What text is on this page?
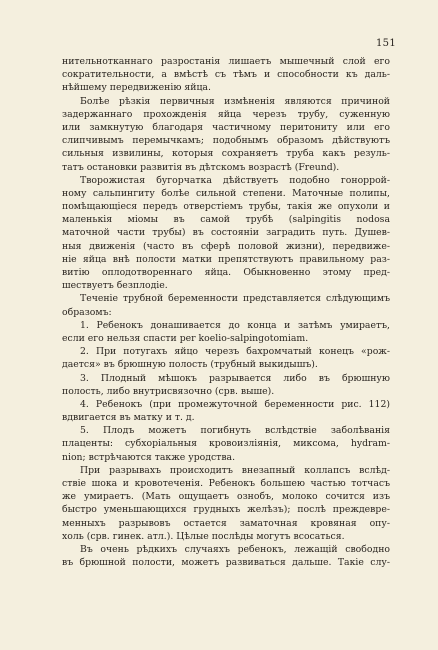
151
нительнотканнаго разростанія лишаетъ мышечный слой его
сократительности, а вмѣстѣ съ тѣмъ и способности къ даль-
нѣйшему передвиженію яйца.
Болѣе рѣзкія первичныя измѣненія являются причиной
задержаннаго прохожденія яйца черезъ трубу, суженную
или замкнутую благодаря частичному перитониту или его
слипчивымъ перемычкамъ; подобнымъ образомъ дѣйствуютъ
сильныя извилины, которыя сохраняетъ труба какъ резуль-
татъ остановки развитія въ дѣтскомъ возрастѣ (Freund).
Творожистая бугорчатка дѣйствуетъ подобно гоноррой-
ному сальпингиту болѣе сильной степени. Маточные полипы,
помѣщающіеся передъ отверстіемъ трубы, такія же опухоли и
маленькія міомы въ самой трубѣ (salpingitis nodosa
маточной части трубы) въ состояніи заградить путь. Душев-
ныя движенія (часто въ сферѣ половой жизни), передвиже-
ніе яйца внѣ полости матки препятствуютъ правильному раз-
витію оплодотвореннаго яйца. Обыкновенно этому пред-
шествуетъ безплодіе.
Теченіе трубной беременности представляется слѣдующимъ
образомъ:
1. Ребенокъ донашивается до конца и затѣмъ умираетъ,
если его нельзя спасти per koelio-salpingotomiam.
2. При потугахъ яйцо черезъ бахромчатый конецъ «рож-
дается» въ брюшную полость (трубный выкидышъ).
3. Плодный мѣшокъ разрывается либо въ брюшную
полость, либо внутрисвязочно (срв. выше).
4. Ребенокъ (при промежуточной беременности рис. 112)
вдвигается въ матку и т. д.
5. Плодъ можетъ погибнуть вслѣдствіе заболѣванія
плаценты: субхоріальныя кровоизліянія, миксома, hydram-
nion; встрѣчаются также уродства.
При разрывахъ происходитъ внезапный коллапсъ вслѣд-
ствіе шока и кровотеченія. Ребенокъ большею частью тотчасъ
же умираетъ. (Мать ощущаетъ ознобъ, молоко сочится изъ
быстро уменьшающихся грудныхъ желѣзъ); послѣ преждевре-
менныхъ разрывовъ остается заматочная кровяная опу-
холь (срв. гинек. атл.). Цѣлые послѣды могутъ всосаться.
Въ очень рѣдкихъ случаяхъ ребенокъ, лежащій свободно
въ брюшной полости, можетъ развиваться дальше. Такіе слу-
